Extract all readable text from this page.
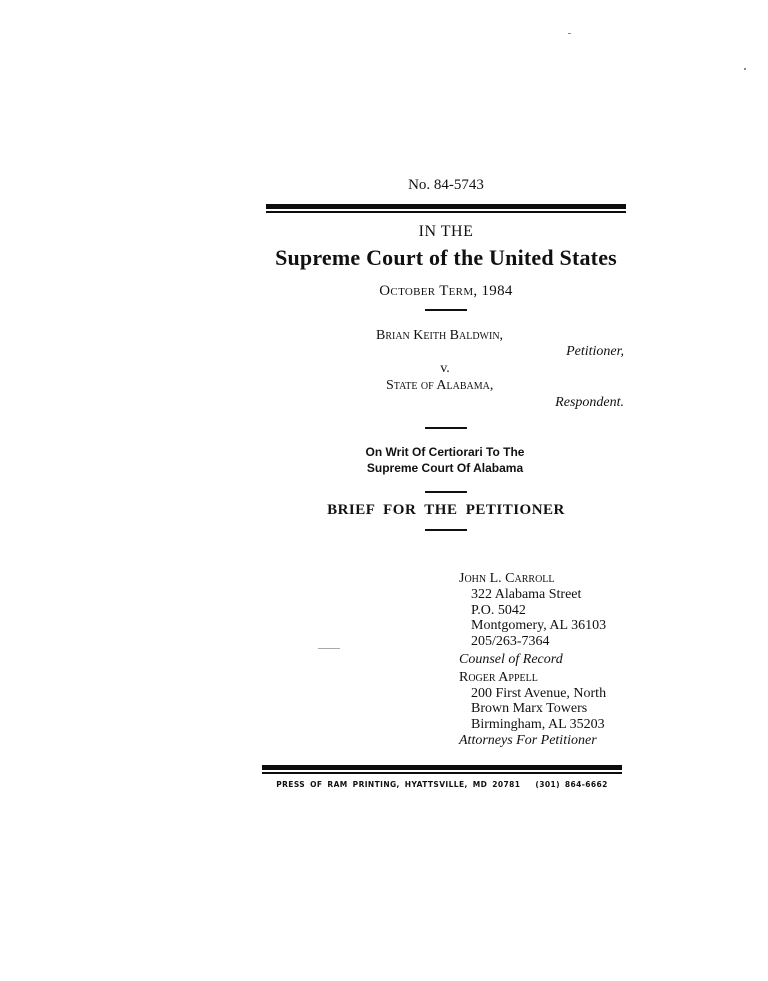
No. 84-5743
IN THE
Supreme Court of the United States
October Term, 1984
Brian Keith Baldwin,
Petitioner,
v.
State of Alabama,
Respondent.
On Writ Of Certiorari To The
Supreme Court Of Alabama
BRIEF FOR THE PETITIONER
John L. Carroll
322 Alabama Street
P.O. 5042
Montgomery, AL 36103
205/263-7364
Counsel of Record
Roger Appell
200 First Avenue, North
Brown Marx Towers
Birmingham, AL 35203
Attorneys For Petitioner
PRESS OF RAM PRINTING, HYATTSVILLE, MD 20781   (301) 864-6662
